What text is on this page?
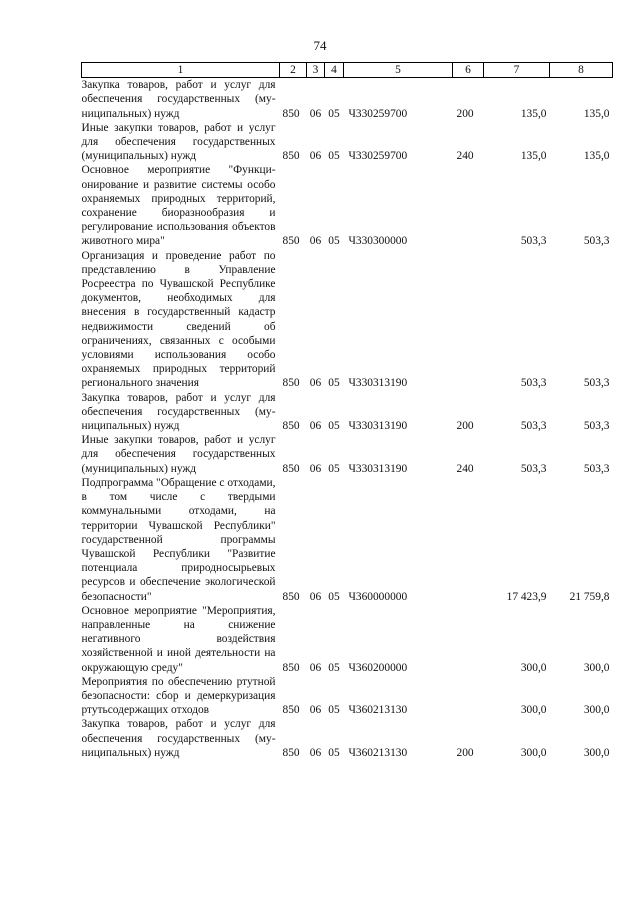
74
1	2	3	4	5	6	7	8
Закупка товаров, работ и услуг для обеспечения государственных (муниципальных) нужд	850	06	05	Ч330259700	200	135,0	135,0
Иные закупки товаров, работ и услуг для обеспечения государственных (муниципальных) нужд	850	06	05	Ч330259700	240	135,0	135,0
Основное мероприятие "Функционирование и развитие системы особо охраняемых природных территорий, сохранение биоразнообразия и регулирование использования объектов животного мира"	850	06	05	Ч330300000		503,3	503,3
Организация и проведение работ по представлению в Управление Росреестра по Чувашской Республике документов, необходимых для внесения в государственный кадастр недвижимости сведений об ограничениях, связанных с особыми условиями использования особо охраняемых природных территорий регионального значения	850	06	05	Ч330313190		503,3	503,3
Закупка товаров, работ и услуг для обеспечения государственных (муниципальных) нужд	850	06	05	Ч330313190	200	503,3	503,3
Иные закупки товаров, работ и услуг для обеспечения государственных (муниципальных) нужд	850	06	05	Ч330313190	240	503,3	503,3
Подпрограмма "Обращение с отходами, в том числе с твердыми коммунальными отходами, на территории Чувашской Республики" государственной программы Чувашской Республики "Развитие потенциала природносырьевых ресурсов и обеспечение экологической безопасности"	850	06	05	Ч360000000		17 423,9	21 759,8
Основное мероприятие "Мероприятия, направленные на снижение негативного воздействия хозяйственной и иной деятельности на окружающую среду"	850	06	05	Ч360200000		300,0	300,0
Мероприятия по обеспечению ртутной безопасности: сбор и демеркуризация ртутьсодержащих отходов	850	06	05	Ч360213130		300,0	300,0
Закупка товаров, работ и услуг для обеспечения государственных (муниципальных) нужд	850	06	05	Ч360213130	200	300,0	300,0
